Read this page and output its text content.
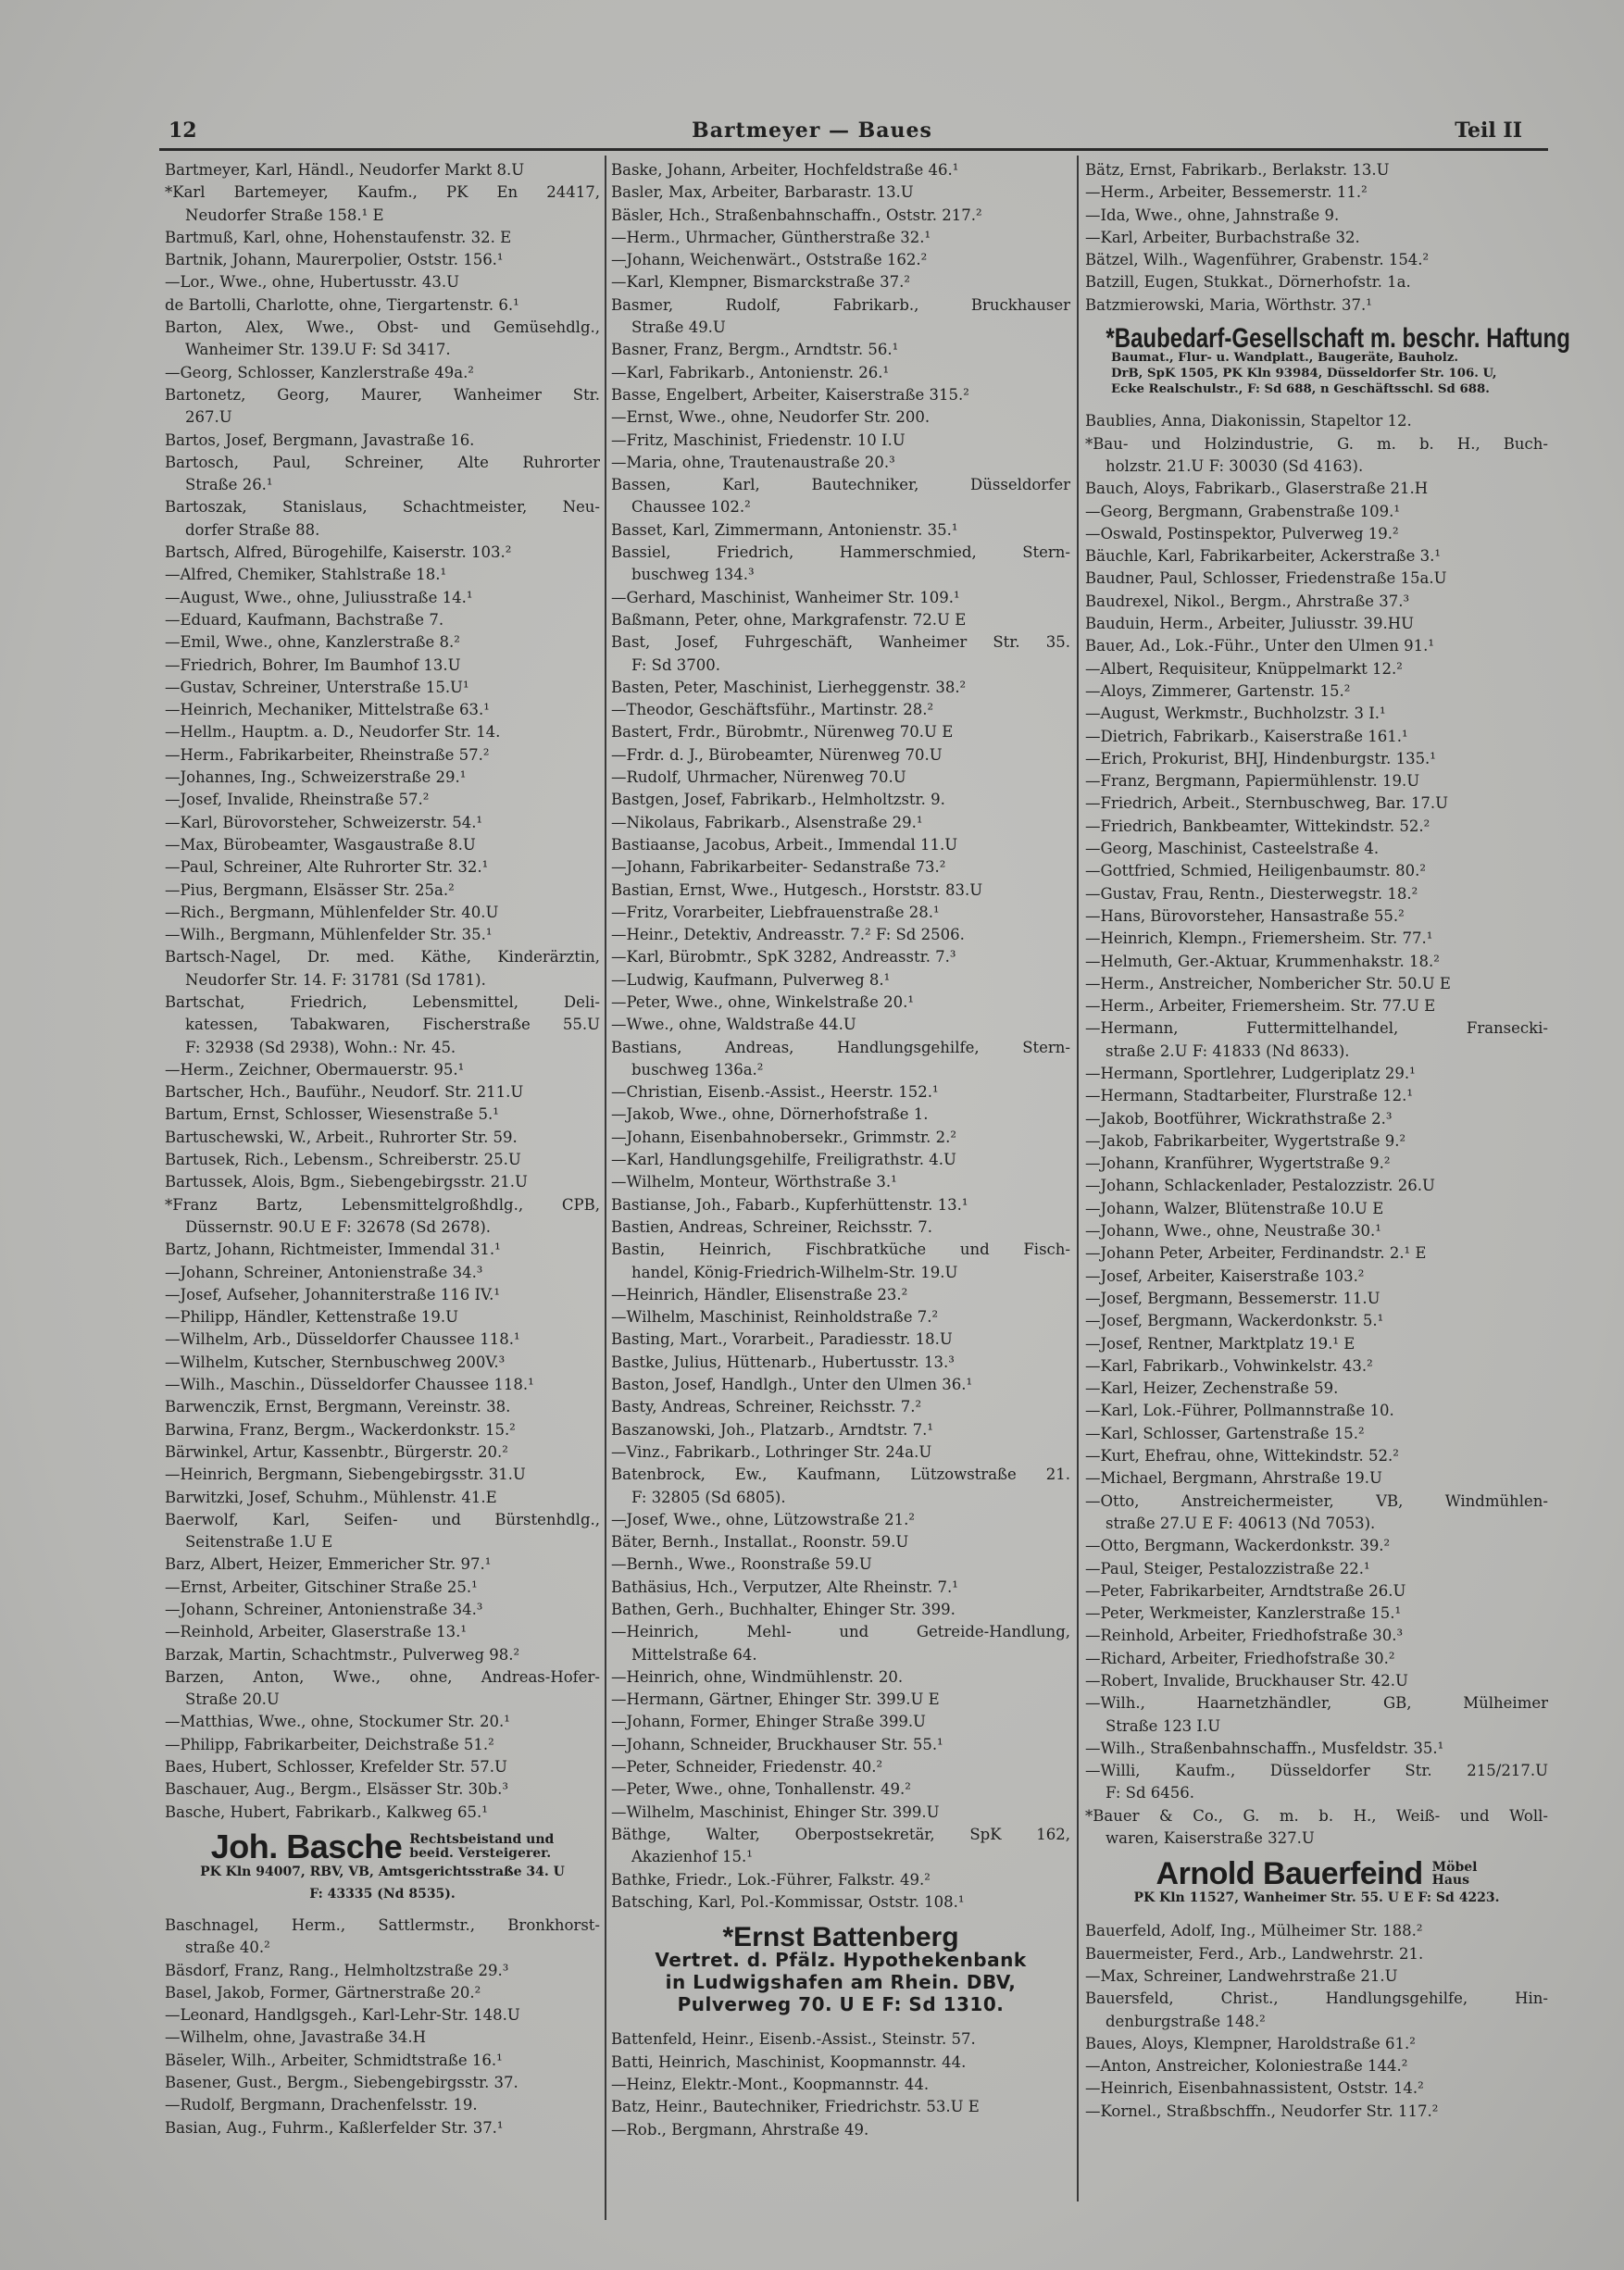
12	Bartmeyer — Baues	Teil II
Bartmeyer, Karl, Händl., Neudorfer Markt 8.U
*Karl Bartemeyer, Kaufm., PK En 24417,
Neudorfer Straße 158.¹ E
Bartmuß, Karl, ohne, Hohenstaufenstr. 32. E
Bartnik, Johann, Maurerpolier, Oststr. 156.¹
—Lor., Wwe., ohne, Hubertusstr. 43.U
de Bartolli, Charlotte, ohne, Tiergartenstr. 6.¹
Barton, Alex, Wwe., Obst- und Gemüsehdlg.,
Wanheimer Str. 139.U F: Sd 3417.
—Georg, Schlosser, Kanzlerstraße 49a.²
Bartonetz, Georg, Maurer, Wanheimer Str.
267.U
Bartos, Josef, Bergmann, Javastraße 16.
Bartosch, Paul, Schreiner, Alte Ruhrorter
Straße 26.¹
Bartoszak, Stanislaus, Schachtmeister, Neu-
dorfer Straße 88.
Bartsch, Alfred, Bürogehilfe, Kaiserstr. 103.²
—Alfred, Chemiker, Stahlstraße 18.¹
—August, Wwe., ohne, Juliusstraße 14.¹
—Eduard, Kaufmann, Bachstraße 7.
—Emil, Wwe., ohne, Kanzlerstraße 8.²
—Friedrich, Bohrer, Im Baumhof 13.U
—Gustav, Schreiner, Unterstraße 15.U¹
—Heinrich, Mechaniker, Mittelstraße 63.¹
—Hellm., Hauptm. a. D., Neudorfer Str. 14.
—Herm., Fabrikarbeiter, Rheinstraße 57.²
—Johannes, Ing., Schweizerstraße 29.¹
—Josef, Invalide, Rheinstraße 57.²
—Karl, Bürovorsteher, Schweizerstr. 54.¹
—Max, Bürobeamter, Wasgaustraße 8.U
—Paul, Schreiner, Alte Ruhrorter Str. 32.¹
—Pius, Bergmann, Elsässer Str. 25a.²
—Rich., Bergmann, Mühlenfelder Str. 40.U
—Wilh., Bergmann, Mühlenfelder Str. 35.¹
Bartsch-Nagel, Dr. med. Käthe, Kinderärztin,
Neudorfer Str. 14. F: 31781 (Sd 1781).
Bartschat, Friedrich, Lebensmittel, Deli-
katessen, Tabakwaren, Fischerstraße 55.U
F: 32938 (Sd 2938), Wohn.: Nr. 45.
—Herm., Zeichner, Obermauerstr. 95.¹
Bartscher, Hch., Bauführ., Neudorf. Str. 211.U
Bartum, Ernst, Schlosser, Wiesenstraße 5.¹
Bartuschewski, W., Arbeit., Ruhrorter Str. 59.
Bartusek, Rich., Lebensm., Schreiberstr. 25.U
Bartussek, Alois, Bgm., Siebengebirgsstr. 21.U
*Franz Bartz, Lebensmittelgroßhdlg., CPB,
Düssernstr. 90.U E F: 32678 (Sd 2678).
Bartz, Johann, Richtmeister, Immendal 31.¹
—Johann, Schreiner, Antonienstraße 34.³
—Josef, Aufseher, Johanniterstraße 116 IV.¹
—Philipp, Händler, Kettenstraße 19.U
—Wilhelm, Arb., Düsseldorfer Chaussee 118.¹
—Wilhelm, Kutscher, Sternbuschweg 200V.³
—Wilh., Maschin., Düsseldorfer Chaussee 118.¹
Barwenczik, Ernst, Bergmann, Vereinstr. 38.
Barwina, Franz, Bergm., Wackerdonkstr. 15.²
Bärwinkel, Artur, Kassenbtr., Bürgerstr. 20.²
—Heinrich, Bergmann, Siebengebirgsstr. 31.U
Barwitzki, Josef, Schuhm., Mühlenstr. 41.E
Baerwolf, Karl, Seifen- und Bürstenhdlg.,
Seitenstraße 1.U E
Barz, Albert, Heizer, Emmericher Str. 97.¹
—Ernst, Arbeiter, Gitschiner Straße 25.¹
—Johann, Schreiner, Antonienstraße 34.³
—Reinhold, Arbeiter, Glaserstraße 13.¹
Barzak, Martin, Schachtmstr., Pulverweg 98.²
Barzen, Anton, Wwe., ohne, Andreas-Hofer-
Straße 20.U
—Matthias, Wwe., ohne, Stockumer Str. 20.¹
—Philipp, Fabrikarbeiter, Deichstraße 51.²
Baes, Hubert, Schlosser, Krefelder Str. 57.U
Baschauer, Aug., Bergm., Elsässer Str. 30b.³
Basche, Hubert, Fabrikarb., Kalkweg 65.¹
Joh. Basche Rechtsbeistand und
beeid. Versteigerer.
PK Kln 94007, RBV, VB, Amtsgerichtsstraße 34. U
F: 43335 (Nd 8535).
Baschnagel, Herm., Sattlermstr., Bronkhorst-
straße 40.²
Bäsdorf, Franz, Rang., Helmholtzstraße 29.³
Basel, Jakob, Former, Gärtnerstraße 20.²
—Leonard, Handlgsgeh., Karl-Lehr-Str. 148.U
—Wilhelm, ohne, Javastraße 34.H
Bäseler, Wilh., Arbeiter, Schmidtstraße 16.¹
Basener, Gust., Bergm., Siebengebirgsstr. 37.
—Rudolf, Bergmann, Drachenfelsstr. 19.
Basian, Aug., Fuhrm., Kaßlerfelder Str. 37.¹
Baske, Johann, Arbeiter, Hochfeldstraße 46.¹
Basler, Max, Arbeiter, Barbarastr. 13.U
Bäsler, Hch., Straßenbahnschaffn., Oststr. 217.²
—Herm., Uhrmacher, Güntherstraße 32.¹
—Johann, Weichenwärt., Oststraße 162.²
—Karl, Klempner, Bismarckstraße 37.²
Basmer, Rudolf, Fabrikarb., Bruckhauser
Straße 49.U
Basner, Franz, Bergm., Arndtstr. 56.¹
—Karl, Fabrikarb., Antonienstr. 26.¹
Basse, Engelbert, Arbeiter, Kaiserstraße 315.²
—Ernst, Wwe., ohne, Neudorfer Str. 200.
—Fritz, Maschinist, Friedenstr. 10 I.U
—Maria, ohne, Trautenaustraße 20.³
Bassen, Karl, Bautechniker, Düsseldorfer
Chaussee 102.²
Basset, Karl, Zimmermann, Antonienstr. 35.¹
Bassiel, Friedrich, Hammerschmied, Stern-
buschweg 134.³
—Gerhard, Maschinist, Wanheimer Str. 109.¹
Baßmann, Peter, ohne, Markgrafenstr. 72.U E
Bast, Josef, Fuhrgeschäft, Wanheimer Str. 35.
F: Sd 3700.
Basten, Peter, Maschinist, Lierheggenstr. 38.²
—Theodor, Geschäftsführ., Martinstr. 28.²
Bastert, Frdr., Bürobmtr., Nürenweg 70.U E
—Frdr. d. J., Bürobeamter, Nürenweg 70.U
—Rudolf, Uhrmacher, Nürenweg 70.U
Bastgen, Josef, Fabrikarb., Helmholtzstr. 9.
—Nikolaus, Fabrikarb., Alsenstraße 29.¹
Bastiaanse, Jacobus, Arbeit., Immendal 11.U
—Johann, Fabrikarbeiter- Sedanstraße 73.²
Bastian, Ernst, Wwe., Hutgesch., Horststr. 83.U
—Fritz, Vorarbeiter, Liebfrauenstraße 28.¹
—Heinr., Detektiv, Andreasstr. 7.² F: Sd 2506.
—Karl, Bürobmtr., SpK 3282, Andreasstr. 7.³
—Ludwig, Kaufmann, Pulverweg 8.¹
—Peter, Wwe., ohne, Winkelstraße 20.¹
—Wwe., ohne, Waldstraße 44.U
Bastians, Andreas, Handlungsgehilfe, Stern-
buschweg 136a.²
—Christian, Eisenb.-Assist., Heerstr. 152.¹
—Jakob, Wwe., ohne, Dörnerhofstraße 1.
—Johann, Eisenbahnobersekr., Grimmstr. 2.²
—Karl, Handlungsgehilfe, Freiligrathstr. 4.U
—Wilhelm, Monteur, Wörthstraße 3.¹
Bastianse, Joh., Fabarb., Kupferhüttenstr. 13.¹
Bastien, Andreas, Schreiner, Reichsstr. 7.
Bastin, Heinrich, Fischbratküche und Fisch-
handel, König-Friedrich-Wilhelm-Str. 19.U
—Heinrich, Händler, Elisenstraße 23.²
—Wilhelm, Maschinist, Reinholdstraße 7.²
Basting, Mart., Vorarbeit., Paradiesstr. 18.U
Bastke, Julius, Hüttenarb., Hubertusstr. 13.³
Baston, Josef, Handlgh., Unter den Ulmen 36.¹
Basty, Andreas, Schreiner, Reichsstr. 7.²
Baszanowski, Joh., Platzarb., Arndtstr. 7.¹
—Vinz., Fabrikarb., Lothringer Str. 24a.U
Batenbrock, Ew., Kaufmann, Lützowstraße 21.
F: 32805 (Sd 6805).
—Josef, Wwe., ohne, Lützowstraße 21.²
Bäter, Bernh., Installat., Roonstr. 59.U
—Bernh., Wwe., Roonstraße 59.U
Bathäsius, Hch., Verputzer, Alte Rheinstr. 7.¹
Bathen, Gerh., Buchhalter, Ehinger Str. 399.
—Heinrich, Mehl- und Getreide-Handlung,
Mittelstraße 64.
—Heinrich, ohne, Windmühlenstr. 20.
—Hermann, Gärtner, Ehinger Str. 399.U E
—Johann, Former, Ehinger Straße 399.U
—Johann, Schneider, Bruckhauser Str. 55.¹
—Peter, Schneider, Friedenstr. 40.²
—Peter, Wwe., ohne, Tonhallenstr. 49.²
—Wilhelm, Maschinist, Ehinger Str. 399.U
Bäthge, Walter, Oberpostsekretär, SpK 162,
Akazienhof 15.¹
Bathke, Friedr., Lok.-Führer, Falkstr. 49.²
Batsching, Karl, Pol.-Kommissar, Oststr. 108.¹
*Ernst Battenberg
Vertret. d. Pfälz. Hypothekenbank
in Ludwigshafen am Rhein. DBV,
Pulverweg 70. U E F: Sd 1310.
Battenfeld, Heinr., Eisenb.-Assist., Steinstr. 57.
Batti, Heinrich, Maschinist, Koopmannstr. 44.
—Heinz, Elektr.-Mont., Koopmannstr. 44.
Batz, Heinr., Bautechniker, Friedrichstr. 53.U E
—Rob., Bergmann, Ahrstraße 49.
Bätz, Ernst, Fabrikarb., Berlakstr. 13.U
—Herm., Arbeiter, Bessemerstr. 11.²
—Ida, Wwe., ohne, Jahnstraße 9.
—Karl, Arbeiter, Burbachstraße 32.
Bätzel, Wilh., Wagenführer, Grabenstr. 154.²
Batzill, Eugen, Stukkat., Dörnerhofstr. 1a.
Batzmierowski, Maria, Wörthstr. 37.¹
*Baubedarf-Gesellschaft m. beschr. Haftung
Baumat., Flur- u. Wandplatt., Baugeräte, Bauholz.
DrB, SpK 1505, PK Kln 93984, Düsseldorfer Str. 106. U,
Ecke Realschulstr., F: Sd 688, n Geschäftsschl. Sd 688.
Baublies, Anna, Diakonissin, Stapeltor 12.
*Bau- und Holzindustrie, G. m. b. H., Buch-
holzstr. 21.U F: 30030 (Sd 4163).
Bauch, Aloys, Fabrikarb., Glaserstraße 21.H
—Georg, Bergmann, Grabenstraße 109.¹
—Oswald, Postinspektor, Pulverweg 19.²
Bäuchle, Karl, Fabrikarbeiter, Ackerstraße 3.¹
Baudner, Paul, Schlosser, Friedenstraße 15a.U
Baudrexel, Nikol., Bergm., Ahrstraße 37.³
Bauduin, Herm., Arbeiter, Juliusstr. 39.HU
Bauer, Ad., Lok.-Führ., Unter den Ulmen 91.¹
—Albert, Requisiteur, Knüppelmarkt 12.²
—Aloys, Zimmerer, Gartenstr. 15.²
—August, Werkmstr., Buchholzstr. 3 I.¹
—Dietrich, Fabrikarb., Kaiserstraße 161.¹
—Erich, Prokurist, BHJ, Hindenburgstr. 135.¹
—Franz, Bergmann, Papiermühlenstr. 19.U
—Friedrich, Arbeit., Sternbuschweg, Bar. 17.U
—Friedrich, Bankbeamter, Wittekindstr. 52.²
—Georg, Maschinist, Casteelstraße 4.
—Gottfried, Schmied, Heiligenbaumstr. 80.²
—Gustav, Frau, Rentn., Diesterwegstr. 18.²
—Hans, Bürovorsteher, Hansastraße 55.²
—Heinrich, Klempn., Friemersheim. Str. 77.¹
—Helmuth, Ger.-Aktuar, Krummenhakstr. 18.²
—Herm., Anstreicher, Nombericher Str. 50.U E
—Herm., Arbeiter, Friemersheim. Str. 77.U E
—Hermann, Futtermittelhandel, Fransecki-
straße 2.U F: 41833 (Nd 8633).
—Hermann, Sportlehrer, Ludgeriplatz 29.¹
—Hermann, Stadtarbeiter, Flurstraße 12.¹
—Jakob, Bootführer, Wickrathstraße 2.³
—Jakob, Fabrikarbeiter, Wygertstraße 9.²
—Johann, Kranführer, Wygertstraße 9.²
—Johann, Schlackenlader, Pestalozzistr. 26.U
—Johann, Walzer, Blütenstraße 10.U E
—Johann, Wwe., ohne, Neustraße 30.¹
—Johann Peter, Arbeiter, Ferdinandstr. 2.¹ E
—Josef, Arbeiter, Kaiserstraße 103.²
—Josef, Bergmann, Bessemerstr. 11.U
—Josef, Bergmann, Wackerdonkstr. 5.¹
—Josef, Rentner, Marktplatz 19.¹ E
—Karl, Fabrikarb., Vohwinkelstr. 43.²
—Karl, Heizer, Zechenstraße 59.
—Karl, Lok.-Führer, Pollmannstraße 10.
—Karl, Schlosser, Gartenstraße 15.²
—Kurt, Ehefrau, ohne, Wittekindstr. 52.²
—Michael, Bergmann, Ahrstraße 19.U
—Otto, Anstreichermeister, VB, Windmühlen-
straße 27.U E F: 40613 (Nd 7053).
—Otto, Bergmann, Wackerdonkstr. 39.²
—Paul, Steiger, Pestalozzistraße 22.¹
—Peter, Fabrikarbeiter, Arndtstraße 26.U
—Peter, Werkmeister, Kanzlerstraße 15.¹
—Reinhold, Arbeiter, Friedhofstraße 30.³
—Richard, Arbeiter, Friedhofstraße 30.²
—Robert, Invalide, Bruckhauser Str. 42.U
—Wilh., Haarnetzhändler, GB, Mülheimer
Straße 123 I.U
—Wilh., Straßenbahnschaffn., Musfeldstr. 35.¹
—Willi, Kaufm., Düsseldorfer Str. 215/217.U
F: Sd 6456.
*Bauer & Co., G. m. b. H., Weiß- und Woll-
waren, Kaiserstraße 327.U
Arnold Bauerfeind Möbel
Haus
PK Kln 11527, Wanheimer Str. 55. U E F: Sd 4223.
Bauerfeld, Adolf, Ing., Mülheimer Str. 188.²
Bauermeister, Ferd., Arb., Landwehrstr. 21.
—Max, Schreiner, Landwehrstraße 21.U
Bauersfeld, Christ., Handlungsgehilfe, Hin-
denburgstraße 148.²
Baues, Aloys, Klempner, Haroldstraße 61.²
—Anton, Anstreicher, Koloniestraße 144.²
—Heinrich, Eisenbahnassistent, Oststr. 14.²
—Kornel., Straßbschffn., Neudorfer Str. 117.²
